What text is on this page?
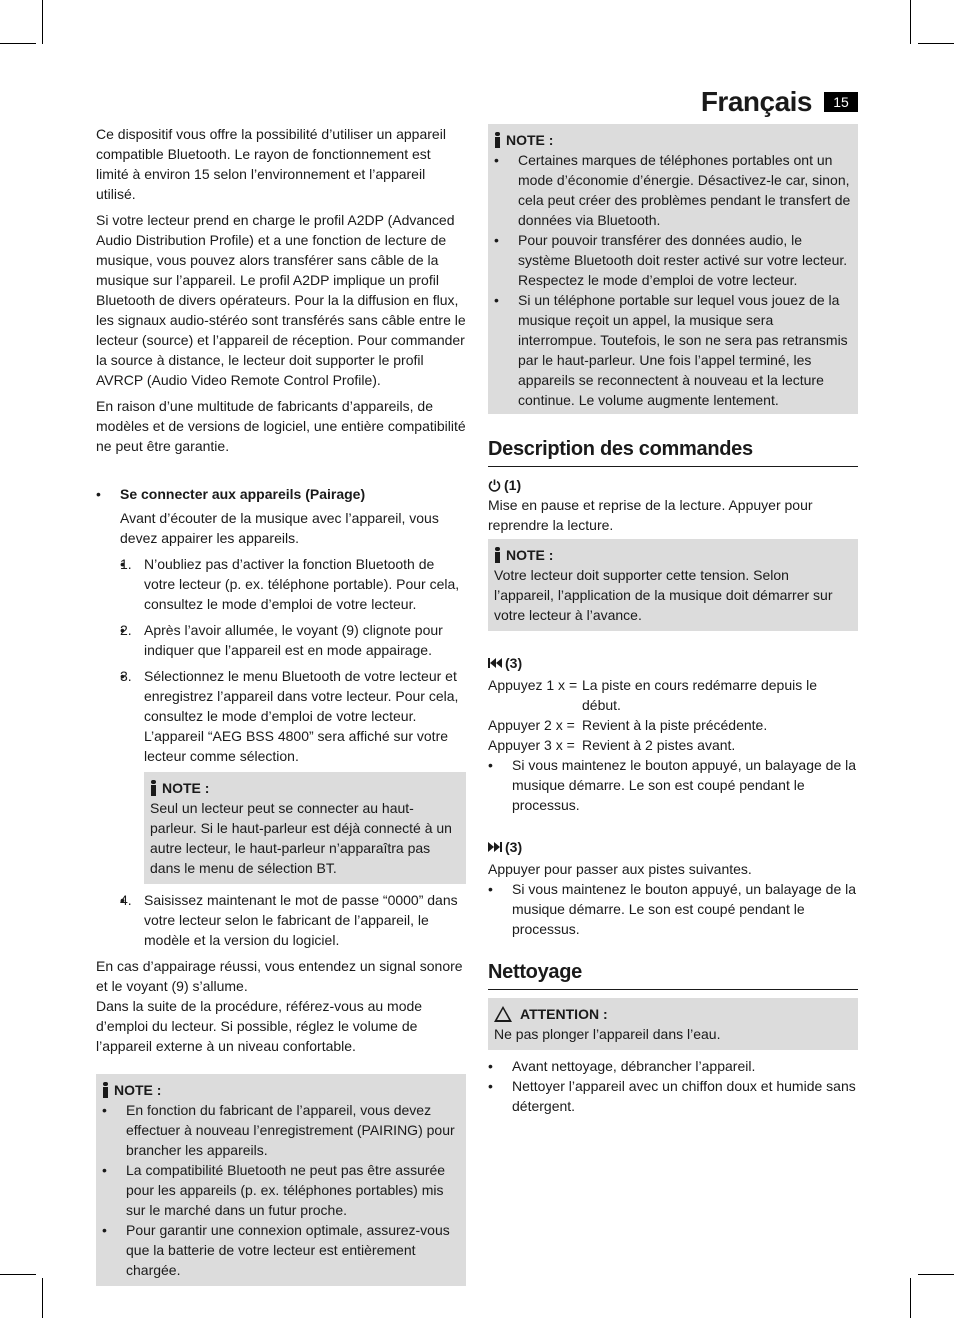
Français	15

Ce dispositif vous offre la possibilité d’utiliser un appareil compatible Bluetooth. Le rayon de fonctionnement est limité à environ 15 selon l’environnement et l’appareil utilisé.

Si votre lecteur prend en charge le profil A2DP (Advanced Audio Distribution Profile) et a une fonction de lecture de musique, vous pouvez alors transférer sans câble de la musique sur l’appareil. Le profil A2DP implique un profil Bluetooth de divers opérateurs. Pour la la diffusion en flux, les signaux audio-stéréo sont transférés sans câble entre le lecteur (source) et l’appareil de réception. Pour commander la source à distance, le lecteur doit supporter le profil AVRCP (Audio Video Remote Control Profile).

En raison d’une multitude de fabricants d’appareils, de modèles et de versions de logiciel, une entière compatibilité ne peut être garantie.

• Se connecter aux appareils (Pairage)

Avant d’écouter de la musique avec l’appareil, vous devez appairer les appareils.

• 1. N’oubliez pas d’activer la fonction Bluetooth de votre lecteur (p. ex. téléphone portable). Pour cela, consultez le mode d’emploi de votre lecteur.
• 2. Après l’avoir allumée, le voyant (9) clignote pour indiquer que l’appareil est en mode appairage.
• 3. Sélectionnez le menu Bluetooth de votre lecteur et enregistrez l’appareil dans votre lecteur. Pour cela, consultez le mode d’emploi de votre lecteur. L’appareil “AEG BSS 4800” sera affiché sur votre lecteur comme sélection.
NOTE :
Seul un lecteur peut se connecter au haut-parleur. Si le haut-parleur est déjà connecté à un autre lecteur, le haut-parleur n’apparaîtra pas dans le menu de sélection BT.
• 4. Saisissez maintenant le mot de passe “0000” dans votre lecteur selon le fabricant de l’appareil, le modèle et la version du logiciel.
En cas d’appairage réussi, vous entendez un signal sonore et le voyant (9) s’allume.

Dans la suite de la procédure, référez-vous au mode d’emploi du lecteur. Si possible, réglez le volume de l’appareil externe à un niveau confortable.

NOTE :
• En fonction du fabricant de l’appareil, vous devez effectuer à nouveau l’enregistrement (PAIRING) pour brancher les appareils.
• La compatibilité Bluetooth ne peut pas être assurée pour les appareils (p. ex. téléphones portables) mis sur le marché dans un futur proche.
• Pour garantir une connexion optimale, assurez-vous que la batterie de votre lecteur est entièrement chargée.
NOTE :
• Certaines marques de téléphones portables ont un mode d’économie d’énergie. Désactivez-le car, sinon, cela peut créer des problèmes pendant le transfert de données via Bluetooth.
• Pour pouvoir transférer des données audio, le système Bluetooth doit rester activé sur votre lecteur. Respectez le mode d’emploi de votre lecteur.
• Si un téléphone portable sur lequel vous jouez de la musique reçoit un appel, la musique sera interrompue. Toutefois, le son ne sera pas retransmis par le haut-parleur. Une fois l’appel terminé, les appareils se reconnectent à nouveau et la lecture continue. Le volume augmente lentement.
Description des commandes
(1)
Mise en pause et reprise de la lecture. Appuyer pour reprendre la lecture.
NOTE :
Votre lecteur doit supporter cette tension. Selon l’appareil, l’application de la musique doit démarrer sur votre lecteur à l’avance.
(3)
Appuyez 1 x = La piste en cours redémarre depuis le début.
Appuyer 2 x = Revient à la piste précédente.
Appuyer 3 x = Revient à 2 pistes avant.
• Si vous maintenez le bouton appuyé, un balayage de la musique démarre. Le son est coupé pendant le processus.
(3)
Appuyer pour passer aux pistes suivantes.
• Si vous maintenez le bouton appuyé, un balayage de la musique démarre. Le son est coupé pendant le processus.
Nettoyage
ATTENTION :
Ne pas plonger l’appareil dans l’eau.
• Avant nettoyage, débrancher l’appareil.
• Nettoyer l’appareil avec un chiffon doux et humide sans détergent.
